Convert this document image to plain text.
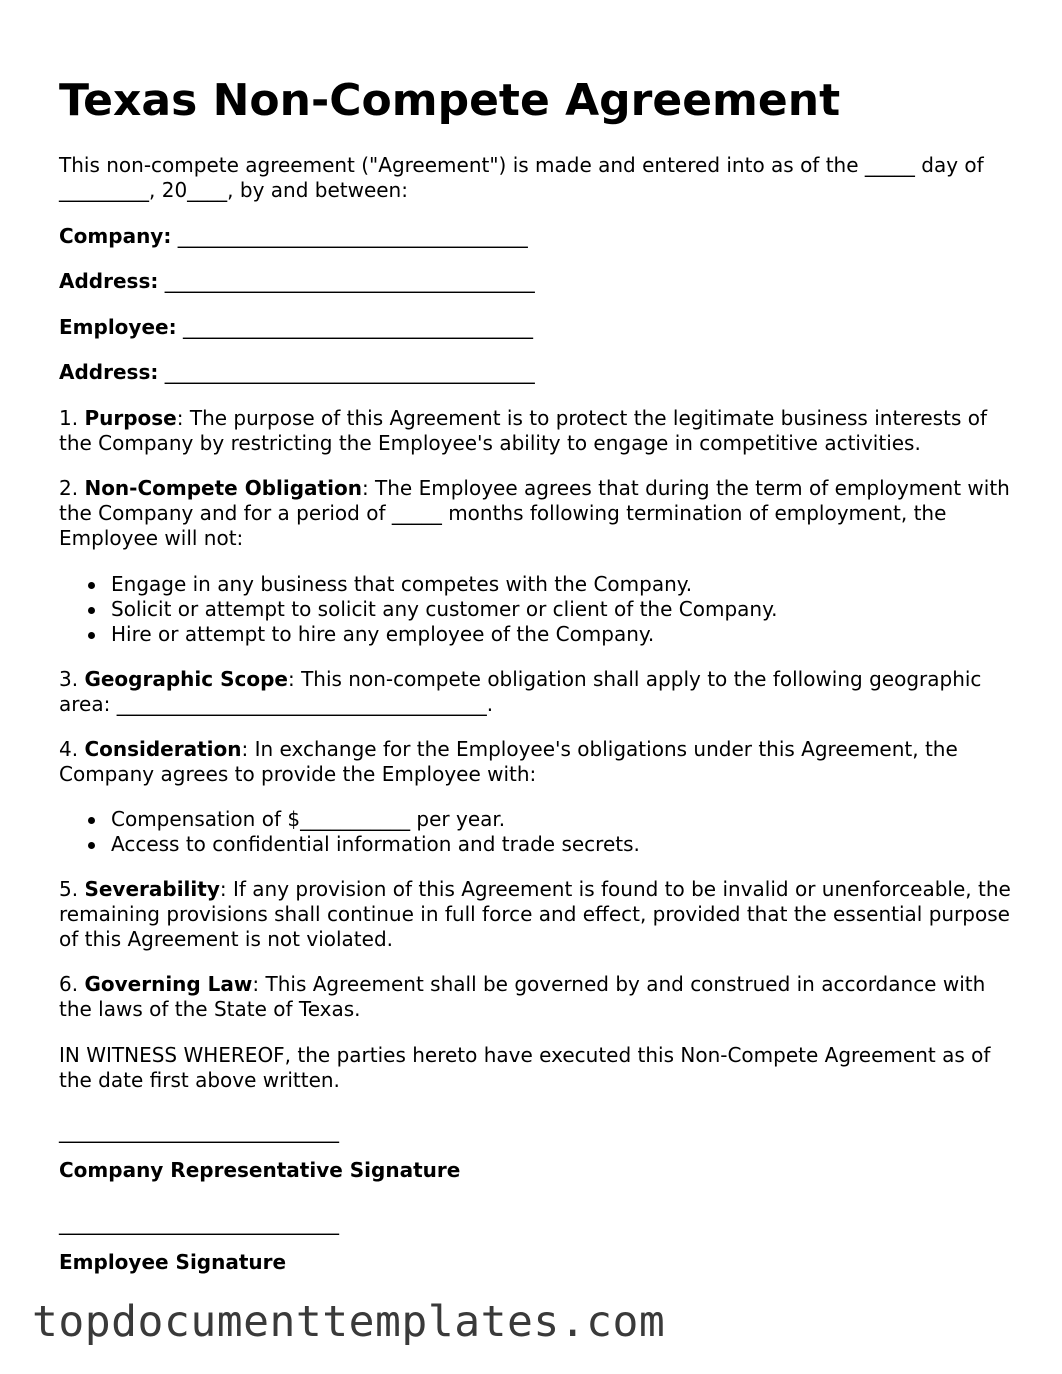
Texas Non-Compete Agreement

This non-compete agreement ("Agreement") is made and entered into as of the _____ day of _________, 20____, by and between:

Company: ___________________________________

Address: _____________________________________

Employee: ___________________________________

Address: _____________________________________

1. Purpose: The purpose of this Agreement is to protect the legitimate business interests of the Company by restricting the Employee's ability to engage in competitive activities.

2. Non-Compete Obligation: The Employee agrees that during the term of employment with the Company and for a period of _____ months following termination of employment, the Employee will not:

Engage in any business that competes with the Company.
Solicit or attempt to solicit any customer or client of the Company.
Hire or attempt to hire any employee of the Company.

3. Geographic Scope: This non-compete obligation shall apply to the following geographic area: _____________________________________.

4. Consideration: In exchange for the Employee's obligations under this Agreement, the Company agrees to provide the Employee with:

Compensation of $___________ per year.
Access to confidential information and trade secrets.

5. Severability: If any provision of this Agreement is found to be invalid or unenforceable, the remaining provisions shall continue in full force and effect, provided that the essential purpose of this Agreement is not violated.

6. Governing Law: This Agreement shall be governed by and construed in accordance with the laws of the State of Texas.

IN WITNESS WHEREOF, the parties hereto have executed this Non-Compete Agreement as of the date first above written.

____________________________
Company Representative Signature
____________________________
Employee Signature
topdocumenttemplates.com
